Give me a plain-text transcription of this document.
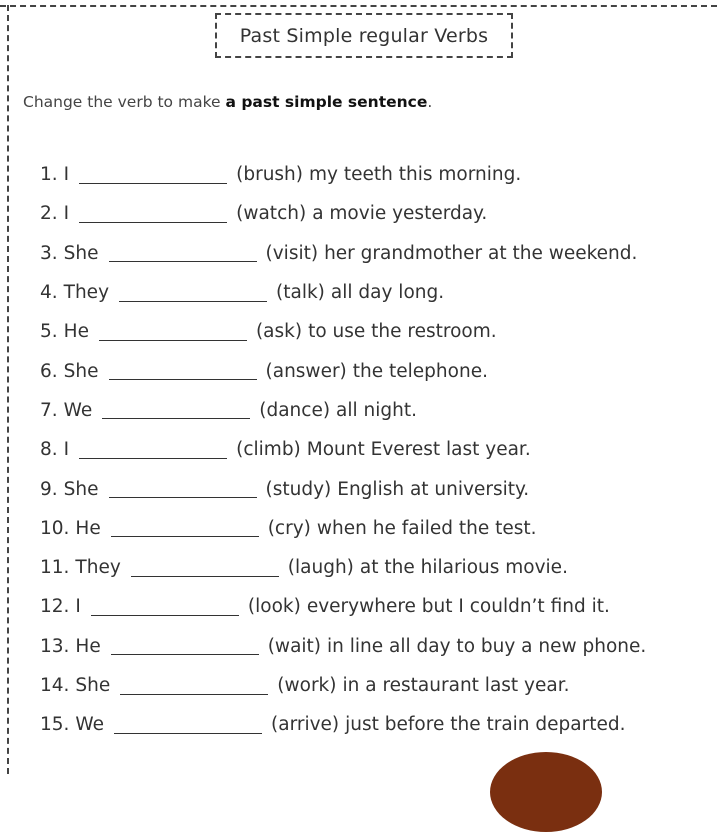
Past Simple regular Verbs
Change the verb to make a past simple sentence.
1. I	(brush) my teeth this morning.
2. I	(watch) a movie yesterday.
3. She	(visit) her grandmother at the weekend.
4. They	(talk) all day long.
5. He	(ask) to use the restroom.
6. She	(answer) the telephone.
7. We	(dance) all night.
8. I	(climb) Mount Everest last year.
9. She	(study) English at university.
10. He	(cry) when he failed the test.
11. They	(laugh) at the hilarious movie.
12. I	(look) everywhere but I couldn’t find it.
13. He	(wait) in line all day to buy a new phone.
14. She	(work) in a restaurant last year.
15. We	(arrive) just before the train departed.
